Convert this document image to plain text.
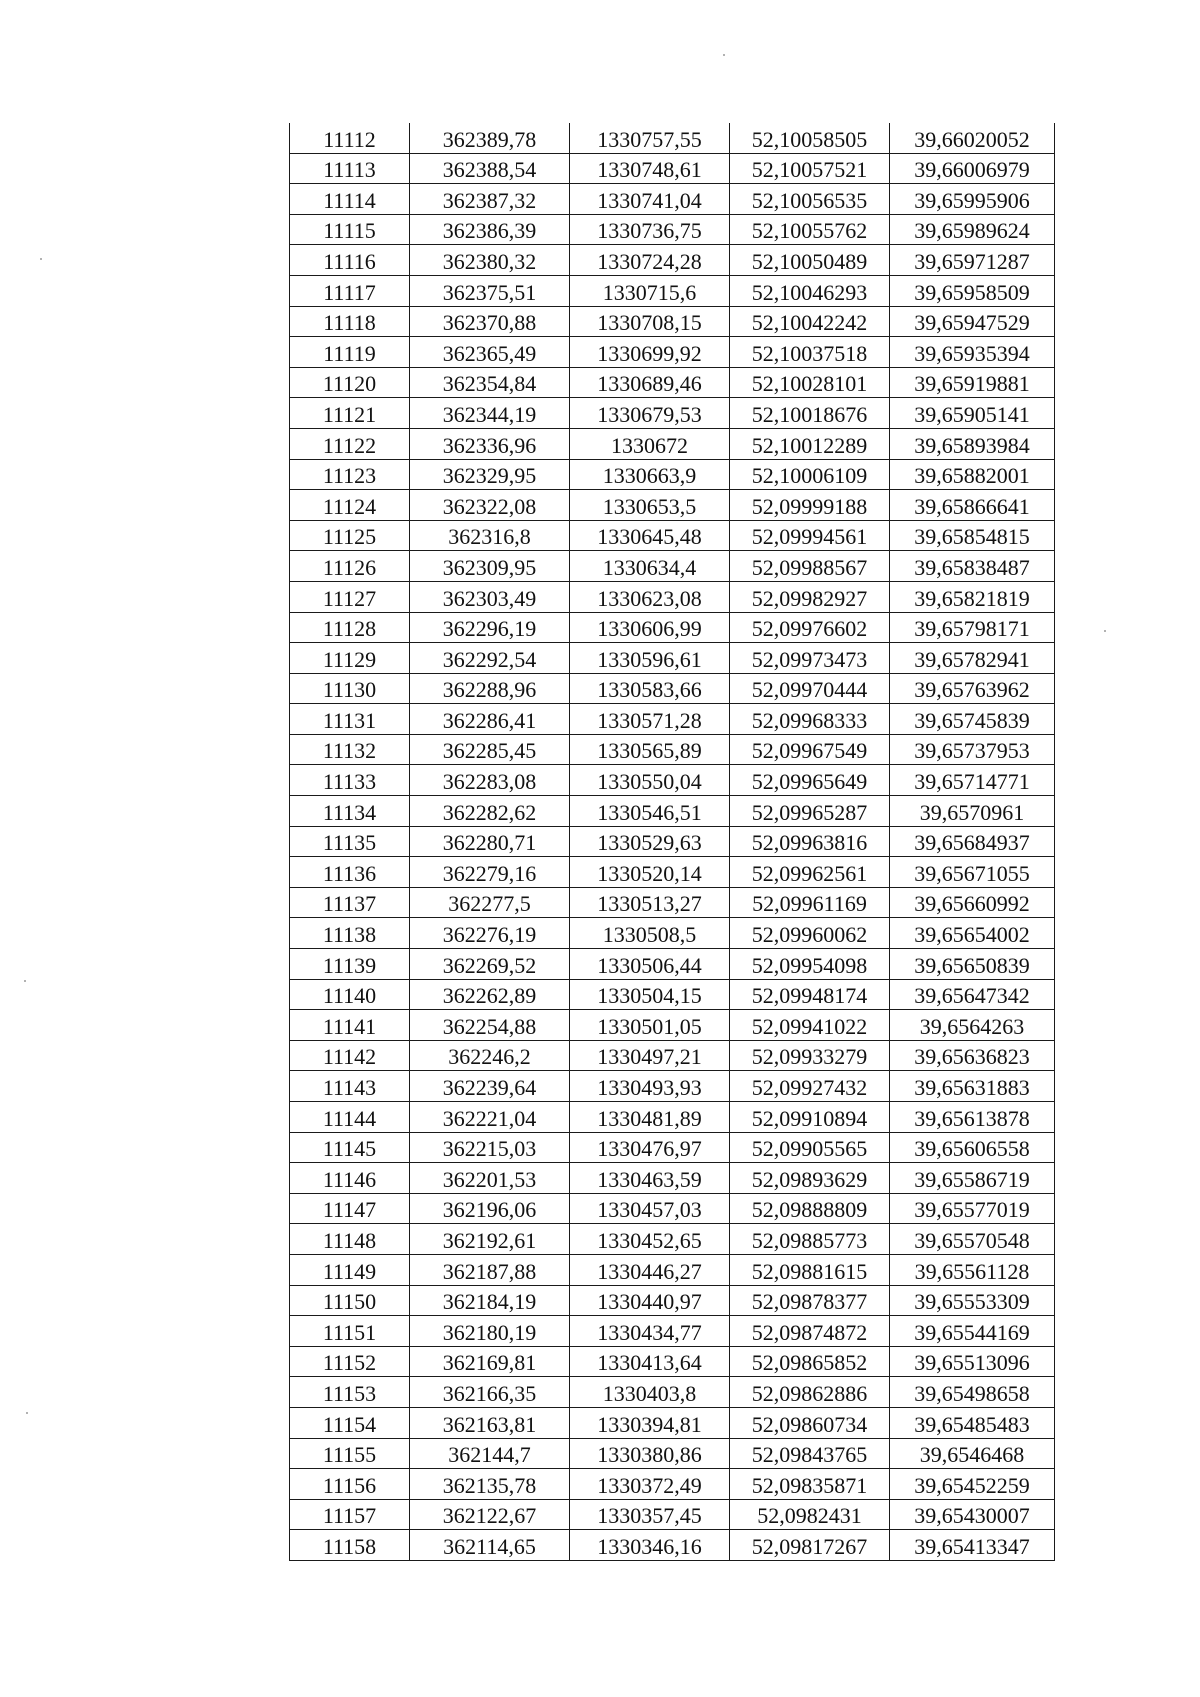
11112	362389,78	1330757,55	52,10058505	39,66020052
11113	362388,54	1330748,61	52,10057521	39,66006979
11114	362387,32	1330741,04	52,10056535	39,65995906
11115	362386,39	1330736,75	52,10055762	39,65989624
11116	362380,32	1330724,28	52,10050489	39,65971287
11117	362375,51	1330715,6	52,10046293	39,65958509
11118	362370,88	1330708,15	52,10042242	39,65947529
11119	362365,49	1330699,92	52,10037518	39,65935394
11120	362354,84	1330689,46	52,10028101	39,65919881
11121	362344,19	1330679,53	52,10018676	39,65905141
11122	362336,96	1330672	52,10012289	39,65893984
11123	362329,95	1330663,9	52,10006109	39,65882001
11124	362322,08	1330653,5	52,09999188	39,65866641
11125	362316,8	1330645,48	52,09994561	39,65854815
11126	362309,95	1330634,4	52,09988567	39,65838487
11127	362303,49	1330623,08	52,09982927	39,65821819
11128	362296,19	1330606,99	52,09976602	39,65798171
11129	362292,54	1330596,61	52,09973473	39,65782941
11130	362288,96	1330583,66	52,09970444	39,65763962
11131	362286,41	1330571,28	52,09968333	39,65745839
11132	362285,45	1330565,89	52,09967549	39,65737953
11133	362283,08	1330550,04	52,09965649	39,65714771
11134	362282,62	1330546,51	52,09965287	39,6570961
11135	362280,71	1330529,63	52,09963816	39,65684937
11136	362279,16	1330520,14	52,09962561	39,65671055
11137	362277,5	1330513,27	52,09961169	39,65660992
11138	362276,19	1330508,5	52,09960062	39,65654002
11139	362269,52	1330506,44	52,09954098	39,65650839
11140	362262,89	1330504,15	52,09948174	39,65647342
11141	362254,88	1330501,05	52,09941022	39,6564263
11142	362246,2	1330497,21	52,09933279	39,65636823
11143	362239,64	1330493,93	52,09927432	39,65631883
11144	362221,04	1330481,89	52,09910894	39,65613878
11145	362215,03	1330476,97	52,09905565	39,65606558
11146	362201,53	1330463,59	52,09893629	39,65586719
11147	362196,06	1330457,03	52,09888809	39,65577019
11148	362192,61	1330452,65	52,09885773	39,65570548
11149	362187,88	1330446,27	52,09881615	39,65561128
11150	362184,19	1330440,97	52,09878377	39,65553309
11151	362180,19	1330434,77	52,09874872	39,65544169
11152	362169,81	1330413,64	52,09865852	39,65513096
11153	362166,35	1330403,8	52,09862886	39,65498658
11154	362163,81	1330394,81	52,09860734	39,65485483
11155	362144,7	1330380,86	52,09843765	39,6546468
11156	362135,78	1330372,49	52,09835871	39,65452259
11157	362122,67	1330357,45	52,0982431	39,65430007
11158	362114,65	1330346,16	52,09817267	39,65413347
